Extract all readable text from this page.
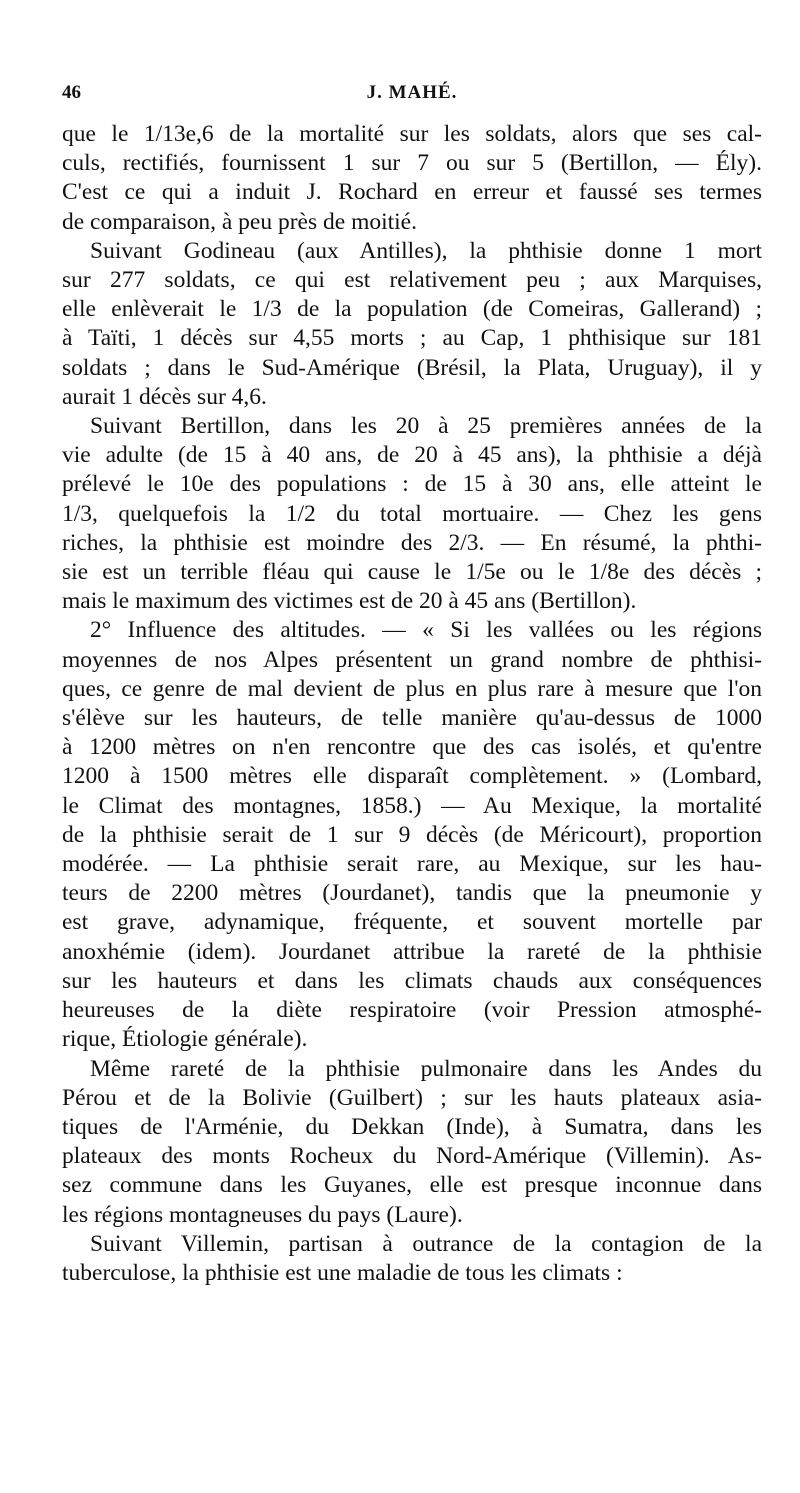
46	J. MAHÉ.

que le 1/13e,6 de la mortalité sur les soldats, alors que ses cal-

culs, rectifiés, fournissent 1 sur 7 ou sur 5 (Bertillon, — Ély).

C'est ce qui a induit J. Rochard en erreur et faussé ses termes

de comparaison, à peu près de moitié.

Suivant Godineau (aux Antilles), la phthisie donne 1 mort

sur 277 soldats, ce qui est relativement peu ; aux Marquises,

elle enlèverait le 1/3 de la population (de Comeiras, Gallerand) ;

à Taïti, 1 décès sur 4,55 morts ; au Cap, 1 phthisique sur 181

soldats ; dans le Sud-Amérique (Brésil, la Plata, Uruguay), il y

aurait 1 décès sur 4,6.

Suivant Bertillon, dans les 20 à 25 premières années de la

vie adulte (de 15 à 40 ans, de 20 à 45 ans), la phthisie a déjà

prélevé le 10e des populations : de 15 à 30 ans, elle atteint le

1/3, quelquefois la 1/2 du total mortuaire. — Chez les gens

riches, la phthisie est moindre des 2/3. — En résumé, la phthi-

sie est un terrible fléau qui cause le 1/5e ou le 1/8e des décès ;

mais le maximum des victimes est de 20 à 45 ans (Bertillon).

2° Influence des altitudes. — « Si les vallées ou les régions

moyennes de nos Alpes présentent un grand nombre de phthisi-

ques, ce genre de mal devient de plus en plus rare à mesure que l'on

s'élève sur les hauteurs, de telle manière qu'au-dessus de 1000

à 1200 mètres on n'en rencontre que des cas isolés, et qu'entre

1200 à 1500 mètres elle disparaît complètement. » (Lombard,

le Climat des montagnes, 1858.) — Au Mexique, la mortalité

de la phthisie serait de 1 sur 9 décès (de Méricourt), proportion

modérée. — La phthisie serait rare, au Mexique, sur les hau-

teurs de 2200 mètres (Jourdanet), tandis que la pneumonie y

est grave, adynamique, fréquente, et souvent mortelle par

anoxhémie (idem). Jourdanet attribue la rareté de la phthisie

sur les hauteurs et dans les climats chauds aux conséquences

heureuses de la diète respiratoire (voir Pression atmosphé-

rique, Étiologie générale).

Même rareté de la phthisie pulmonaire dans les Andes du

Pérou et de la Bolivie (Guilbert) ; sur les hauts plateaux asia-

tiques de l'Arménie, du Dekkan (Inde), à Sumatra, dans les

plateaux des monts Rocheux du Nord-Amérique (Villemin). As-

sez commune dans les Guyanes, elle est presque inconnue dans

les régions montagneuses du pays (Laure).

Suivant Villemin, partisan à outrance de la contagion de la

tuberculose, la phthisie est une maladie de tous les climats :
